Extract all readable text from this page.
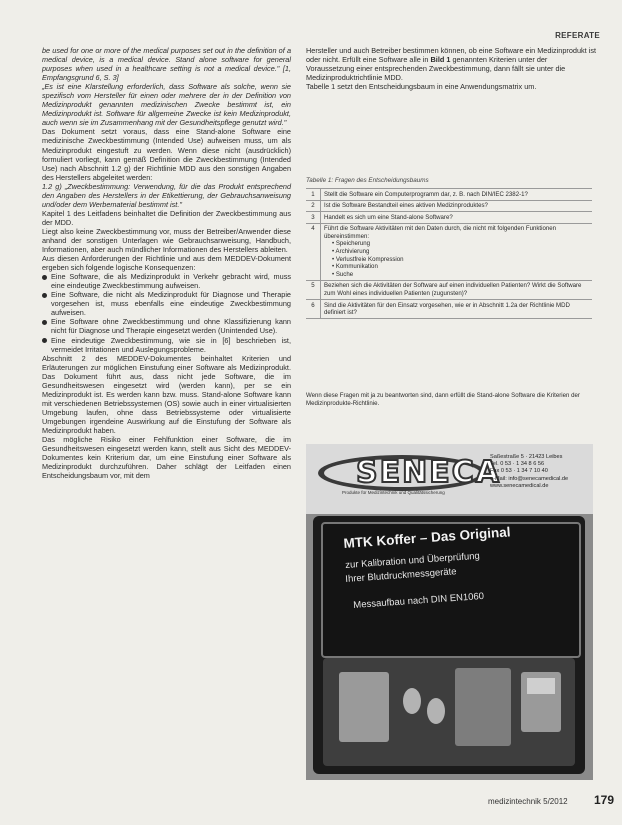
REFERATE

be used for one or more of the medical purposes set out in the definition of a medical device, is a medical device. Stand alone software for general purposes when used in a healthcare setting is not a medical device." [1, Empfangsgrund 6, S. 3]

„Es ist eine Klarstellung erforderlich, dass Software als solche, wenn sie spezifisch vom Hersteller für einen oder mehrere der in der Definition von Medizinprodukt genannten medizinischen Zwecke bestimmt ist, ein Medizinprodukt ist. Software für allgemeine Zwecke ist kein Medizinprodukt, auch wenn sie im Zusammenhang mit der Gesundheitspflege genutzt wird."

Das Dokument setzt voraus, dass eine Stand-alone Software eine medizinische Zweckbestimmung (Intended Use) aufweisen muss, um als Medizinprodukt eingestuft zu werden. Wenn diese nicht (ausdrücklich) formuliert vorliegt, kann gemäß Definition die Zweckbestimmung (Intended Use) nach Abschnitt 1.2 g) der Richtlinie MDD aus den sonstigen Angaben des Herstellers abgeleitet werden:

1.2 g) „Zweckbestimmung: Verwendung, für die das Produkt entsprechend den Angaben des Herstellers in der Etikettierung, der Gebrauchsanweisung und/oder dem Werbematerial bestimmt ist."

Kapitel 1 des Leitfadens beinhaltet die Definition der Zweckbestimmung aus der MDD.

Liegt also keine Zweckbestimmung vor, muss der Betreiber/Anwender diese anhand der sonstigen Unterlagen wie Gebrauchsanweisung, Handbuch, Informationen, aber auch mündlicher Informationen des Herstellers ableiten.

Aus diesen Anforderungen der Richtlinie und aus dem MEDDEV-Dokument ergeben sich folgende logische Konsequenzen:

Eine Software, die als Medizinprodukt in Verkehr gebracht wird, muss eine eindeutige Zweckbestimmung aufweisen.
Eine Software, die nicht als Medizinprodukt für Diagnose und Therapie vorgesehen ist, muss ebenfalls eine eindeutige Zweckbestimmung aufweisen.
Eine Software ohne Zweckbestimmung und ohne Klassifizierung kann nicht für Diagnose und Therapie eingesetzt werden (Unintended Use).
Eine eindeutige Zweckbestimmung, wie sie in [6] beschrieben ist, vermeidet Irritationen und Auslegungsprobleme.

Abschnitt 2 des MEDDEV-Dokumentes beinhaltet Kriterien und Erläuterungen zur möglichen Einstufung einer Software als Medizinprodukt. Das Dokument führt aus, dass nicht jede Software, die im Gesundheitswesen eingesetzt wird (werden kann), per se ein Medizinprodukt ist. Es werden kann bzw. muss. Stand-alone Software kann mit verschiedenen Betriebssystemen (OS) sowie auch in einer virtualisierten Umgebung laufen, ohne dass Betriebssysteme oder virtualisierte Umgebungen irgendeine Auswirkung auf die Einstufung der Software als Medizinprodukt haben.

Das mögliche Risiko einer Fehlfunktion einer Software, die im Gesundheitswesen eingesetzt werden kann, stellt aus Sicht des MEDDEV-Dokumentes kein Kriterium dar, um eine Einstufung einer Software als Medizinprodukt durchzuführen. Daher schlägt der Leitfaden einen Entscheidungsbaum vor, mit dem

Hersteller und auch Betreiber bestimmen können, ob eine Software ein Medizinprodukt ist oder nicht. Erfüllt eine Software alle in Bild 1 genannten Kriterien unter der Voraussetzung einer entsprechenden Zweckbestimmung, dann fällt sie unter die Medizinproduktrichtlinie MDD.

Tabelle 1 setzt den Entscheidungsbaum in eine Anwendungsmatrix um.

Tabelle 1: Fragen des Entscheidungsbaums
1	Stellt die Software ein Computerprogramm dar, z. B. nach DIN/IEC 2382-1?
2	Ist die Software Bestandteil eines aktiven Medizinproduktes?
3	Handelt es sich um eine Stand-alone Software?
4	Führt die Software Aktivitäten mit den Daten durch, die nicht mit folgenden Funktionen übereinstimmen:
• Speicherung
• Archivierung
• Verlustfreie Kompression
• Kommunikation
• Suche
5	Beziehen sich die Aktivitäten der Software auf einen individuellen Patienten? Wirkt die Software zum Wohl eines individuellen Patienten (zugunsten)?
6	Sind die Aktivitäten für den Einsatz vorgesehen, wie er in Abschnitt 1.2a der Richtlinie MDD definiert ist?
Wenn diese Fragen mit ja zu beantworten sind, dann erfüllt die Stand-alone Software die Kriterien der Medizinprodukte-Richtlinie.
SENECA
Produkte für Medizintechnik und Qualitätssicherung
Saßestraße 5 · 21423 Leibes
Tel. 0 53 · 1 34 8 6 56
Fax 0 53 · 1 34 7 10 40
e-Mail: info@senecamedical.de
www.senecamedical.de
MTK Koffer – Das Original
zur Kalibration und Überprüfung
Ihrer Blutdruckmessgeräte
Messaufbau nach DIN EN1060
medizintechnik 5/2012 179
